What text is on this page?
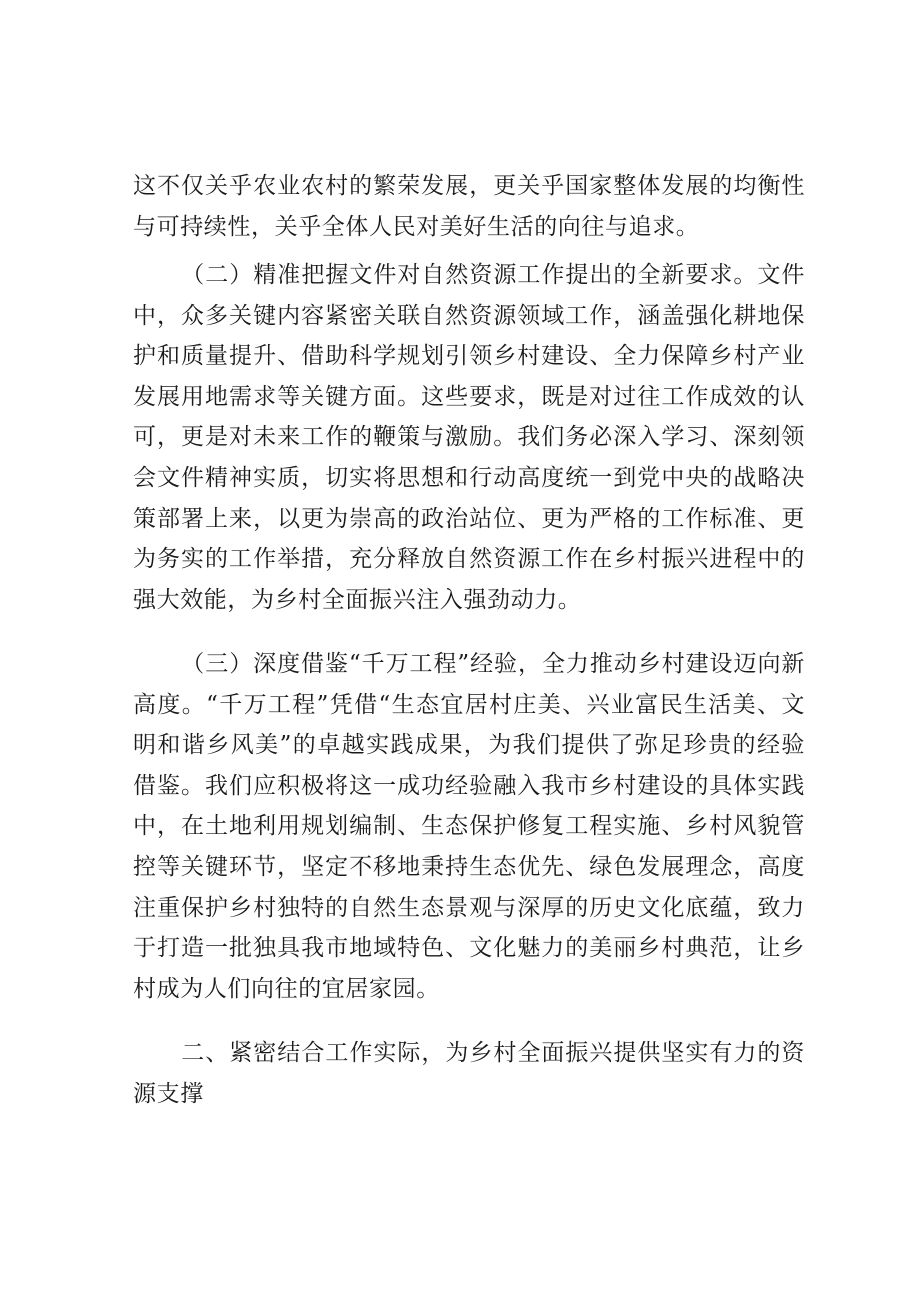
这不仅关乎农业农村的繁荣发展，更关乎国家整体发展的均衡性与可持续性，关乎全体人民对美好生活的向往与追求。

（二）精准把握文件对自然资源工作提出的全新要求。文件中，众多关键内容紧密关联自然资源领域工作，涵盖强化耕地保护和质量提升、借助科学规划引领乡村建设、全力保障乡村产业发展用地需求等关键方面。这些要求，既是对过往工作成效的认可，更是对未来工作的鞭策与激励。我们务必深入学习、深刻领会文件精神实质，切实将思想和行动高度统一到党中央的战略决策部署上来，以更为崇高的政治站位、更为严格的工作标准、更为务实的工作举措，充分释放自然资源工作在乡村振兴进程中的强大效能，为乡村全面振兴注入强劲动力。

（三）深度借鉴“千万工程”经验，全力推动乡村建设迈向新高度。“千万工程”凭借“生态宜居村庄美、兴业富民生活美、文明和谐乡风美”的卓越实践成果，为我们提供了弥足珍贵的经验借鉴。我们应积极将这一成功经验融入我市乡村建设的具体实践中，在土地利用规划编制、生态保护修复工程实施、乡村风貌管控等关键环节，坚定不移地秉持生态优先、绿色发展理念，高度注重保护乡村独特的自然生态景观与深厚的历史文化底蕴，致力于打造一批独具我市地域特色、文化魅力的美丽乡村典范，让乡村成为人们向往的宜居家园。

二、紧密结合工作实际，为乡村全面振兴提供坚实有力的资源支撑
